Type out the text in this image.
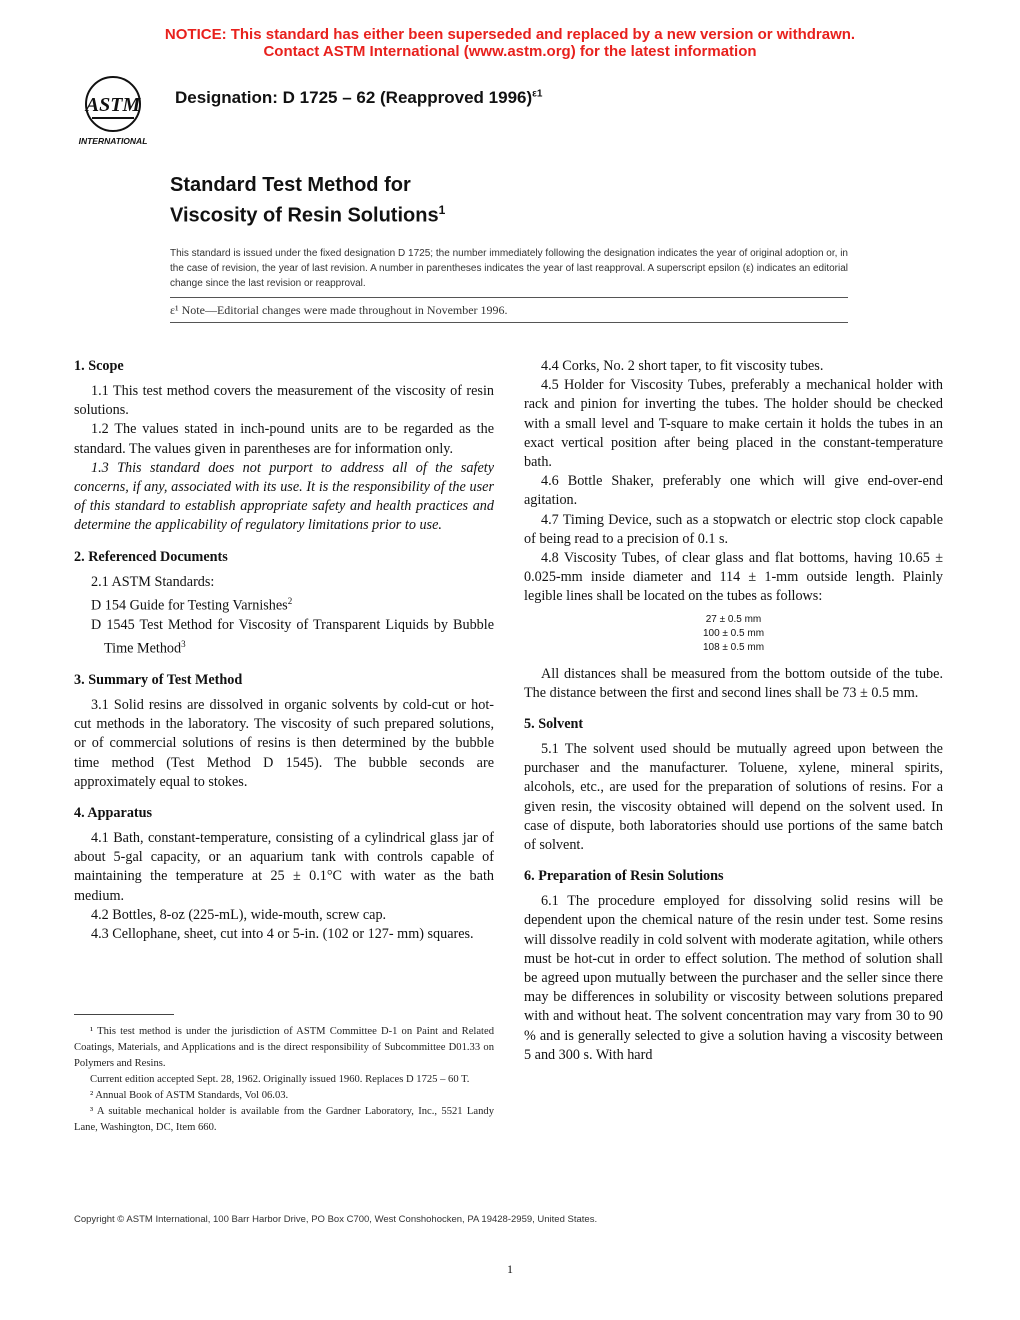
NOTICE: This standard has either been superseded and replaced by a new version or withdrawn.
Contact ASTM International (www.astm.org) for the latest information
ASTM
INTERNATIONAL
Designation: D 1725 – 62 (Reapproved 1996)$^{\varepsilon 1}$
Standard Test Method for
Viscosity of Resin Solutions$^1$
This standard is issued under the fixed designation D 1725; the number immediately following the designation indicates the year of original adoption or, in the case of revision, the year of last revision. A number in parentheses indicates the year of last reapproval. A superscript epsilon (ε) indicates an editorial change since the last revision or reapproval.
ε¹ Note—Editorial changes were made throughout in November 1996.
1. Scope

1.1 This test method covers the measurement of the viscosity of resin solutions.

1.2 The values stated in inch-pound units are to be regarded as the standard. The values given in parentheses are for information only.

1.3 This standard does not purport to address all of the safety concerns, if any, associated with its use. It is the responsibility of the user of this standard to establish appropriate safety and health practices and determine the applicability of regulatory limitations prior to use.

2. Referenced Documents

2.1 ASTM Standards:

D 154 Guide for Testing Varnishes$^2$

D 1545 Test Method for Viscosity of Transparent Liquids by Bubble Time Method$^3$

3. Summary of Test Method

3.1 Solid resins are dissolved in organic solvents by cold-cut or hot-cut methods in the laboratory. The viscosity of such prepared solutions, or of commercial solutions of resins is then determined by the bubble time method (Test Method D 1545). The bubble seconds are approximately equal to stokes.

4. Apparatus

4.1 Bath, constant-temperature, consisting of a cylindrical glass jar of about 5-gal capacity, or an aquarium tank with controls capable of maintaining the temperature at 25 ± 0.1°C with water as the bath medium.

4.2 Bottles, 8-oz (225-mL), wide-mouth, screw cap.

4.3 Cellophane, sheet, cut into 4 or 5-in. (102 or 127- mm) squares.

4.4 Corks, No. 2 short taper, to fit viscosity tubes.

4.5 Holder for Viscosity Tubes, preferably a mechanical holder with rack and pinion for inverting the tubes. The holder should be checked with a small level and T-square to make certain it holds the tubes in an exact vertical position after being placed in the constant-temperature bath.

4.6 Bottle Shaker, preferably one which will give end-over-end agitation.

4.7 Timing Device, such as a stopwatch or electric stop clock capable of being read to a precision of 0.1 s.

4.8 Viscosity Tubes, of clear glass and flat bottoms, having 10.65 ± 0.025-mm inside diameter and 114 ± 1-mm outside length. Plainly legible lines shall be located on the tubes as follows:

27 ± 0.5 mm
100 ± 0.5 mm
108 ± 0.5 mm

All distances shall be measured from the bottom outside of the tube. The distance between the first and second lines shall be 73 ± 0.5 mm.

5. Solvent

5.1 The solvent used should be mutually agreed upon between the purchaser and the manufacturer. Toluene, xylene, mineral spirits, alcohols, etc., are used for the preparation of solutions of resins. For a given resin, the viscosity obtained will depend on the solvent used. In case of dispute, both laboratories should use portions of the same batch of solvent.

6. Preparation of Resin Solutions

6.1 The procedure employed for dissolving solid resins will be dependent upon the chemical nature of the resin under test. Some resins will dissolve readily in cold solvent with moderate agitation, while others must be hot-cut in order to effect solution. The method of solution shall be agreed upon mutually between the purchaser and the seller since there may be differences in solubility or viscosity between solutions prepared with and without heat. The solvent concentration may vary from 30 to 90 % and is generally selected to give a solution having a viscosity between 5 and 300 s. With hard

¹ This test method is under the jurisdiction of ASTM Committee D-1 on Paint and Related Coatings, Materials, and Applications and is the direct responsibility of Subcommittee D01.33 on Polymers and Resins.

Current edition accepted Sept. 28, 1962. Originally issued 1960. Replaces D 1725 – 60 T.

² Annual Book of ASTM Standards, Vol 06.03.

³ A suitable mechanical holder is available from the Gardner Laboratory, Inc., 5521 Landy Lane, Washington, DC, Item 660.

Copyright © ASTM International, 100 Barr Harbor Drive, PO Box C700, West Conshohocken, PA 19428-2959, United States.
1
